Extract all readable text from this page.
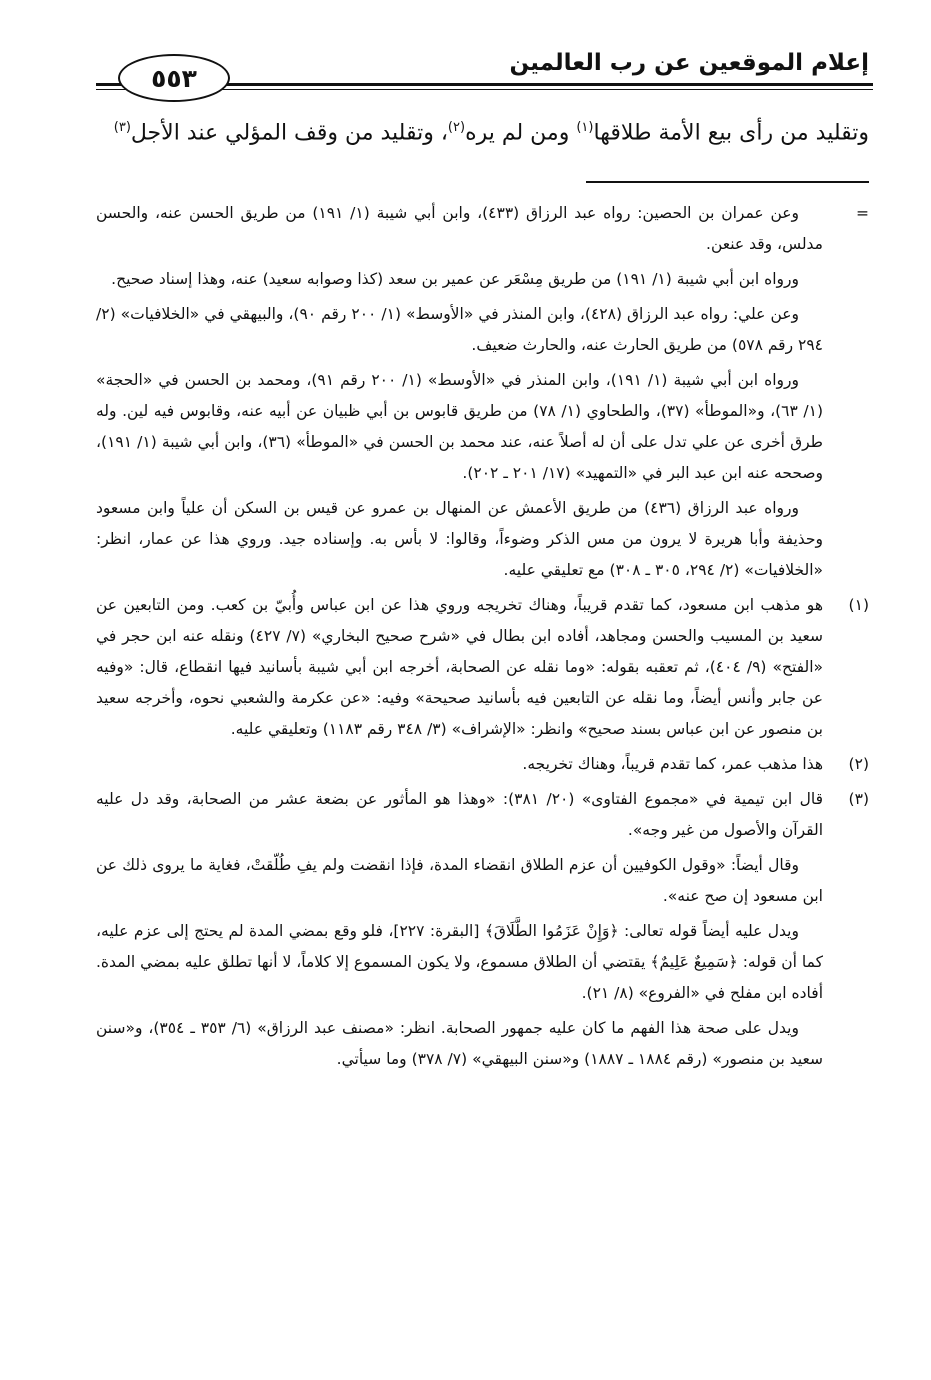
إعلام الموقعين عن رب العالمين
٥٥٣
وتقليد من رأى بيع الأمة طلاقها$^{(١)}$ ومن لم يره$^{(٢)}$، وتقليد من وقف المؤلي عند الأجل$^{(٣)}$
=
وعن عمران بن الحصين: رواه عبد الرزاق (٤٣٣)، وابن أبي شيبة (١/ ١٩١) من طريق الحسن عنه، والحسن مدلس، وقد عنعن.
ورواه ابن أبي شيبة (١/ ١٩١) من طريق مِسْعَر عن عمير بن سعد (كذا وصوابه سعيد) عنه، وهذا إسناد صحيح.
وعن علي: رواه عبد الرزاق (٤٢٨)، وابن المنذر في «الأوسط» (١/ ٢٠٠ رقم ٩٠)، والبيهقي في «الخلافيات» (٢/ ٢٩٤ رقم ٥٧٨) من طريق الحارث عنه، والحارث ضعيف.
ورواه ابن أبي شيبة (١/ ١٩١)، وابن المنذر في «الأوسط» (١/ ٢٠٠ رقم ٩١)، ومحمد بن الحسن في «الحجة» (١/ ٦٣)، و«الموطأ» (٣٧)، والطحاوي (١/ ٧٨) من طريق قابوس بن أبي ظبيان عن أبيه عنه، وقابوس فيه لين. وله طرق أخرى عن علي تدل على أن له أصلاً عنه، عند محمد بن الحسن في «الموطأ» (٣٦)، وابن أبي شيبة (١/ ١٩١)، وصححه عنه ابن عبد البر في «التمهيد» (١٧/ ٢٠١ ـ ٢٠٢).
ورواه عبد الرزاق (٤٣٦) من طريق الأعمش عن المنهال بن عمرو عن قيس بن السكن أن علياً وابن مسعود وحذيفة وأبا هريرة لا يرون من مس الذكر وضوءاً، وقالوا: لا بأس به. وإسناده جيد. وروي هذا عن عمار، انظر: «الخلافيات» (٢/ ٢٩٤، ٣٠٥ ـ ٣٠٨) مع تعليقي عليه.
(١)
هو مذهب ابن مسعود، كما تقدم قريباً، وهناك تخريجه وروي هذا عن ابن عباس وأُبيّ بن كعب. ومن التابعين عن سعيد بن المسيب والحسن ومجاهد، أفاده ابن بطال في «شرح صحيح البخاري» (٧/ ٤٢٧) ونقله عنه ابن حجر في «الفتح» (٩/ ٤٠٤)، ثم تعقبه بقوله: «وما نقله عن الصحابة، أخرجه ابن أبي شيبة بأسانيد فيها انقطاع، قال: «وفيه عن جابر وأنس أيضاً، وما نقله عن التابعين فيه بأسانيد صحيحة» وفيه: «عن عكرمة والشعبي نحوه، وأخرجه سعيد بن منصور عن ابن عباس بسند صحيح» وانظر: «الإشراف» (٣/ ٣٤٨ رقم ١١٨٣) وتعليقي عليه.
(٢)
هذا مذهب عمر، كما تقدم قريباً، وهناك تخريجه.
(٣)
قال ابن تيمية في «مجموع الفتاوى» (٢٠/ ٣٨١): «وهذا هو المأثور عن بضعة عشر من الصحابة، وقد دل عليه القرآن والأصول من غير وجه».
وقال أيضاً: «وقول الكوفيين أن عزم الطلاق انقضاء المدة، فإذا انقضت ولم يفِ طُلّقتْ، فغاية ما يروى ذلك عن ابن مسعود إن صح عنه».
ويدل عليه أيضاً قوله تعالى: ﴿وَإِنْ عَزَمُوا الطَّلَاقَ﴾ [البقرة: ٢٢٧]، فلو وقع بمضي المدة لم يحتج إلى عزم عليه، كما أن قوله: ﴿سَمِيعٌ عَلِيمٌ﴾ يقتضي أن الطلاق مسموع، ولا يكون المسموع إلا كلاماً، لا أنها تطلق عليه بمضي المدة. أفاده ابن مفلح في «الفروع» (٨/ ٢١).
ويدل على صحة هذا الفهم ما كان عليه جمهور الصحابة. انظر: «مصنف عبد الرزاق» (٦/ ٣٥٣ ـ ٣٥٤)، و«سنن سعيد بن منصور» (رقم ١٨٨٤ ـ ١٨٨٧) و«سنن البيهقي» (٧/ ٣٧٨) وما سيأتي.
